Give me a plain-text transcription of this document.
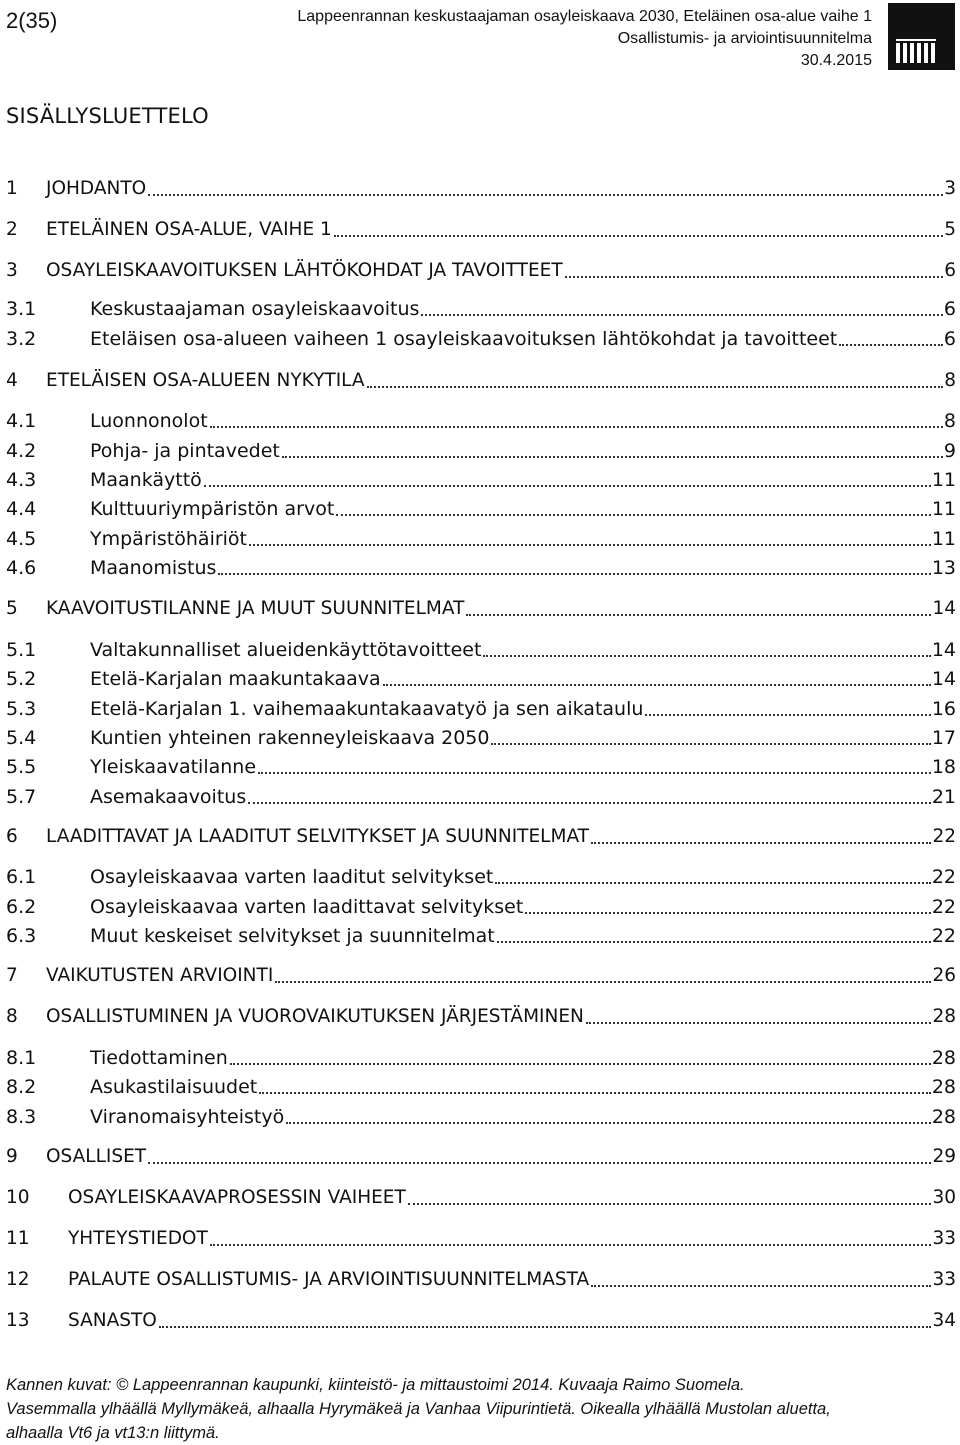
2(35)	Lappeenrannan keskustaajaman osayleiskaava 2030, Eteläinen osa-alue vaihe 1
Osallistumis- ja arviointisuunnitelma
30.4.2015
SISÄLLYSLUETTELO
1	JOHDANTO	3
2	ETELÄINEN OSA-ALUE, VAIHE 1	5
3	OSAYLEISKAAVOITUKSEN LÄHTÖKOHDAT JA TAVOITTEET	6
3.1	Keskustaajaman osayleiskaavoitus	6
3.2	Eteläisen osa-alueen vaiheen 1 osayleiskaavoituksen lähtökohdat ja tavoitteet	6
4	ETELÄISEN OSA-ALUEEN NYKYTILA	8
4.1	Luonnonolot	8
4.2	Pohja- ja pintavedet	9
4.3	Maankäyttö	11
4.4	Kulttuuriympäristön arvot	11
4.5	Ympäristöhäiriöt	11
4.6	Maanomistus	13
5	KAAVOITUSTILANNE JA MUUT SUUNNITELMAT	14
5.1	Valtakunnalliset alueidenkäyttötavoitteet	14
5.2	Etelä-Karjalan maakuntakaava	14
5.3	Etelä-Karjalan 1. vaihemaakuntakaavatyö ja sen aikataulu	16
5.4	Kuntien yhteinen rakenneyleiskaava 2050	17
5.5	Yleiskaavatilanne	18
5.7	Asemakaavoitus	21
6	LAADITTAVAT JA LAADITUT SELVITYKSET JA SUUNNITELMAT	22
6.1	Osayleiskaavaa varten laaditut selvitykset	22
6.2	Osayleiskaavaa varten laadittavat selvitykset	22
6.3	Muut keskeiset selvitykset ja suunnitelmat	22
7	VAIKUTUSTEN ARVIOINTI	26
8	OSALLISTUMINEN JA VUOROVAIKUTUKSEN JÄRJESTÄMINEN	28
8.1	Tiedottaminen	28
8.2	Asukastilaisuudet	28
8.3	Viranomaisyhteistyö	28
9	OSALLISET	29
10	OSAYLEISKAAVAPROSESSIN VAIHEET	30
11	YHTEYSTIEDOT	33
12	PALAUTE OSALLISTUMIS- JA ARVIOINTISUUNNITELMASTA	33
13	SANASTO	34
Kannen kuvat: © Lappeenrannan kaupunki, kiinteistö- ja mittaustoimi 2014. Kuvaaja Raimo Suomela.
Vasemmalla ylhäällä Myllymäkeä, alhaalla Hyrymäkeä ja Vanhaa Viipurintietä. Oikealla ylhäällä Mustolan aluetta,
alhaalla Vt6 ja vt13:n liittymä.
